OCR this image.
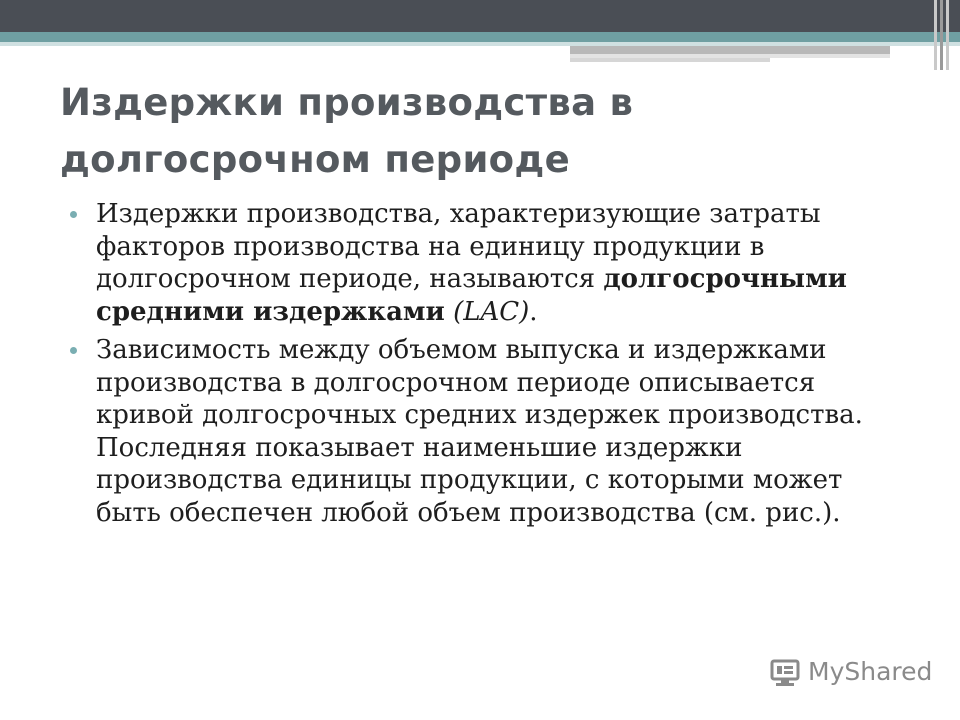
Издержки производства в
долгосрочном периоде
Издержки производства, характеризующие затраты факторов производства на единицу продукции в долгосрочном периоде, называются долгосрочными средними издержками (LAC).
Зависимость между объемом выпуска и издержками производства в долгосрочном периоде описывается кривой долгосрочных средних издержек производства. Последняя показывает наименьшие издержки производства единицы продукции, с которыми может быть обеспечен любой объем производства (см. рис.).
MyShared
